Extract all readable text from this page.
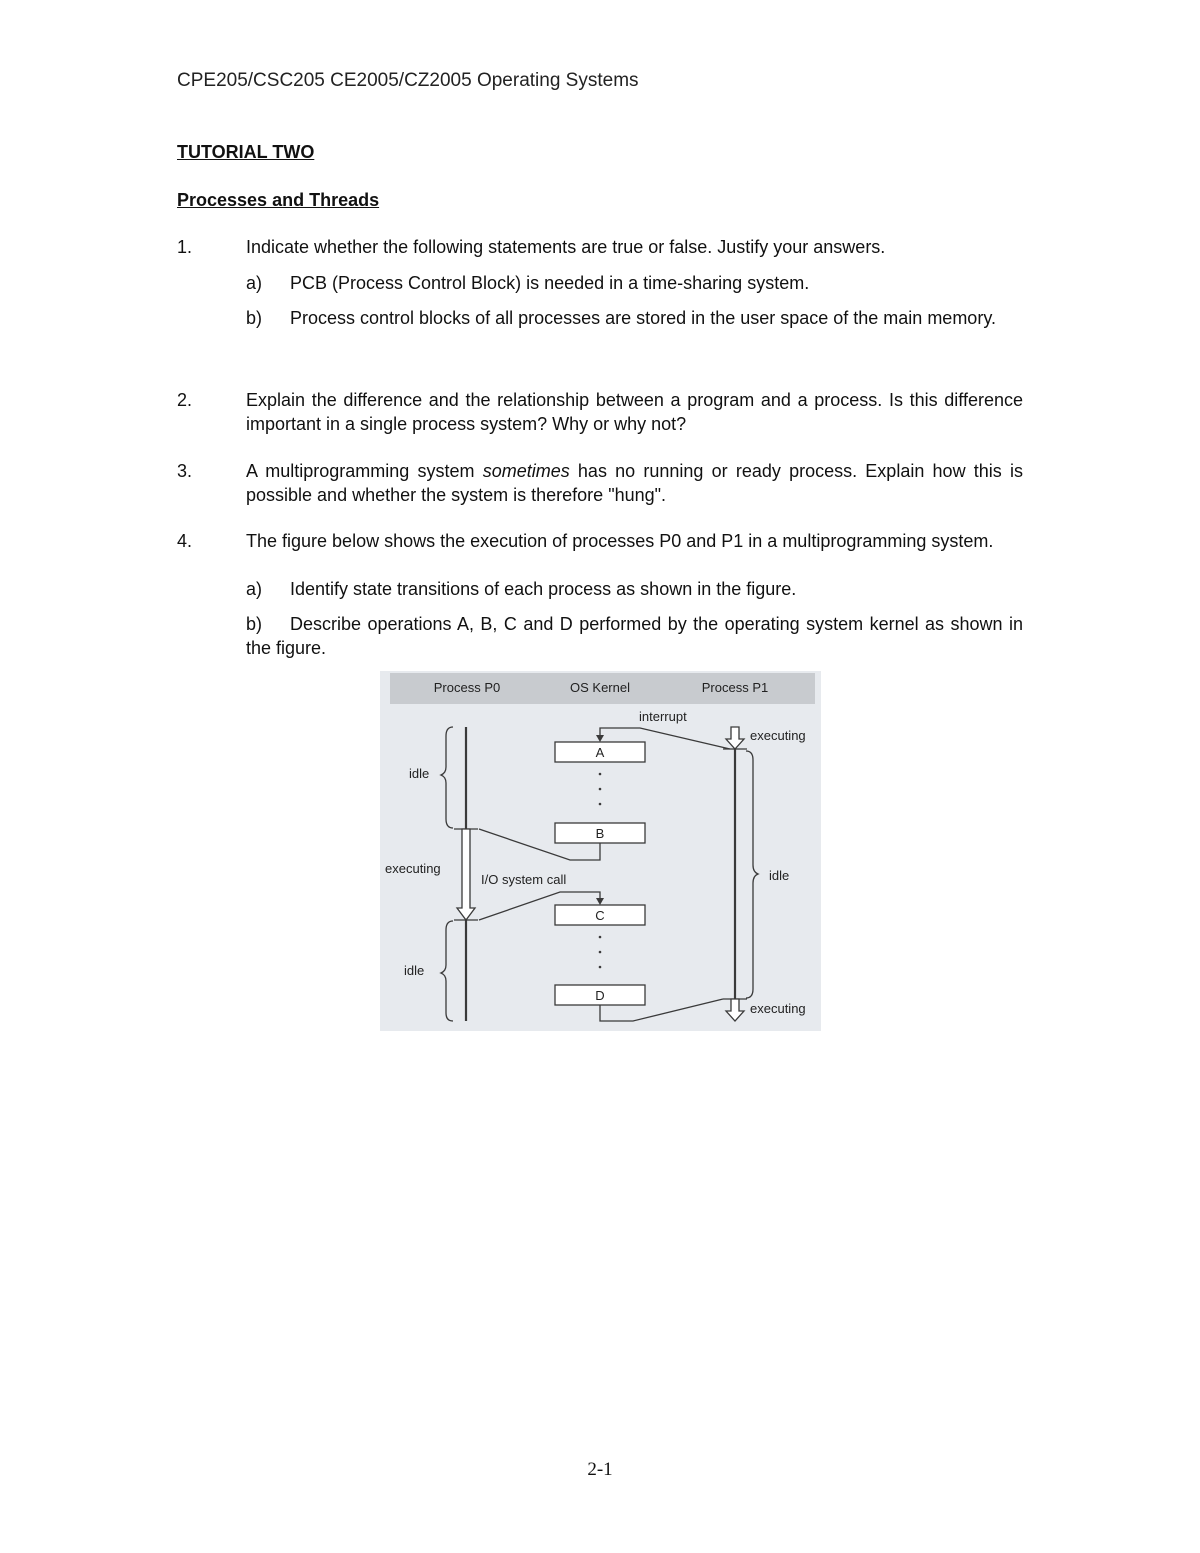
CPE205/CSC205 CE2005/CZ2005 Operating Systems
TUTORIAL TWO
Processes and Threads
1.	Indicate whether the following statements are true or false. Justify your answers.
a) PCB (Process Control Block) is needed in a time-sharing system.
b) Process control blocks of all processes are stored in the user space of the main memory.
2.	Explain the difference and the relationship between a program and a process. Is this difference important in a single process system? Why or why not?
3.	A multiprogramming system sometimes has no running or ready process. Explain how this is possible and whether the system is therefore "hung".
4.	The figure below shows the execution of processes P0 and P1 in a multiprogramming system.
a) Identify state transitions of each process as shown in the figure.
b) Describe operations A, B, C and D performed by the operating system kernel as shown in the figure.
Process P0	OS Kernel	Process P1
A
B
C
D
interrupt
I/O system call
idle
executing
idle
executing
idle
executing
2-1
